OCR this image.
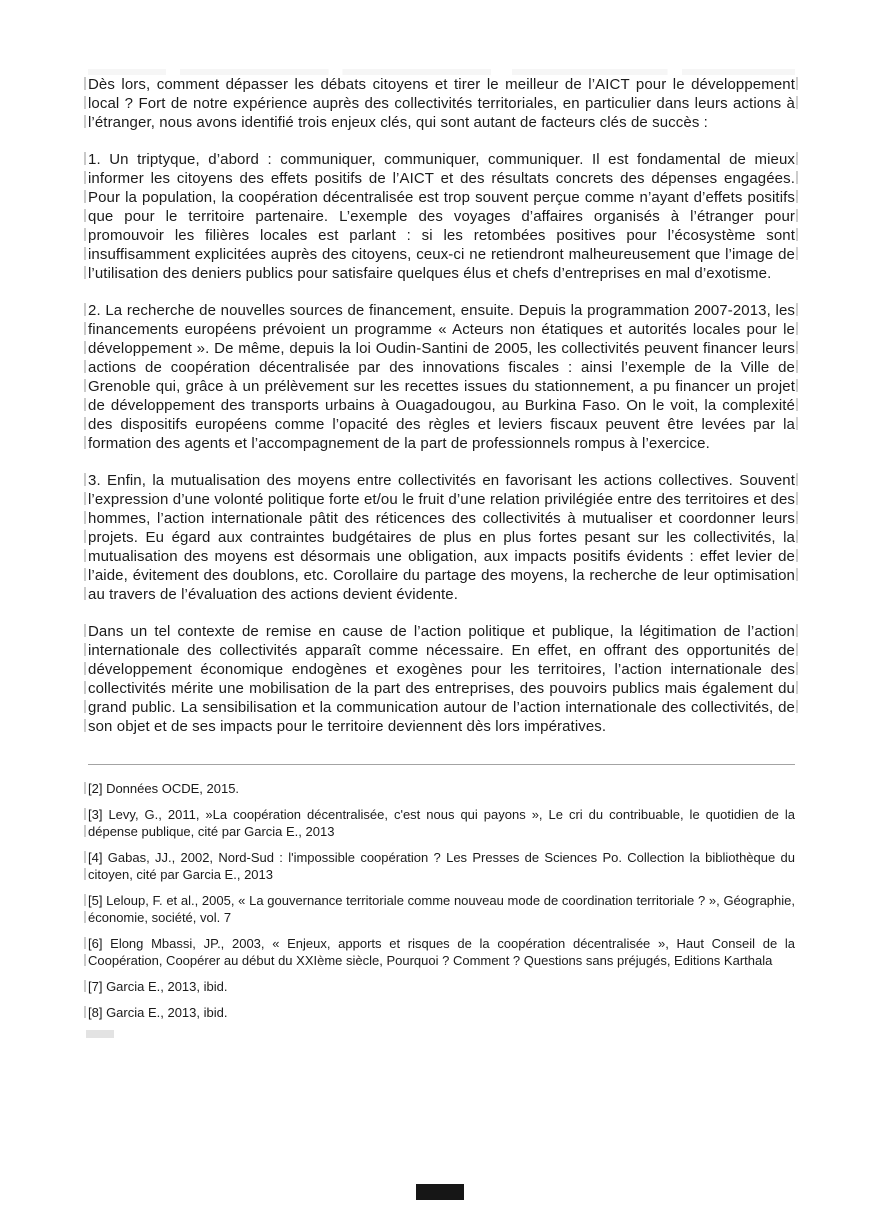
Dès lors, comment dépasser les débats citoyens et tirer le meilleur de l’AICT pour le développement local ? Fort de notre expérience auprès des collectivités territoriales, en particulier dans leurs actions à l’étranger, nous avons identifié trois enjeux clés, qui sont autant de facteurs clés de succès :

1. Un triptyque, d’abord : communiquer, communiquer, communiquer. Il est fondamental de mieux informer les citoyens des effets positifs de l’AICT et des résultats concrets des dépenses engagées. Pour la population, la coopération décentralisée est trop souvent perçue comme n’ayant d’effets positifs que pour le territoire partenaire. L’exemple des voyages d’affaires organisés à l’étranger pour promouvoir les filières locales est parlant : si les retombées positives pour l’écosystème sont insuffisamment explicitées auprès des citoyens, ceux-ci ne retiendront malheureusement que l’image de l’utilisation des deniers publics pour satisfaire quelques élus et chefs d’entreprises en mal d’exotisme.

2. La recherche de nouvelles sources de financement, ensuite. Depuis la programmation 2007-2013, les financements européens prévoient un programme « Acteurs non étatiques et autorités locales pour le développement ». De même, depuis la loi Oudin-Santini de 2005, les collectivités peuvent financer leurs actions de coopération décentralisée par des innovations fiscales : ainsi l’exemple de la Ville de Grenoble qui, grâce à un prélèvement sur les recettes issues du stationnement, a pu financer un projet de développement des transports urbains à Ouagadougou, au Burkina Faso. On le voit, la complexité des dispositifs européens comme l’opacité des règles et leviers fiscaux peuvent être levées par la formation des agents et l’accompagnement de la part de professionnels rompus à l’exercice.

3. Enfin, la mutualisation des moyens entre collectivités en favorisant les actions collectives. Souvent l’expression d’une volonté politique forte et/ou le fruit d’une relation privilégiée entre des territoires et des hommes, l’action internationale pâtit des réticences des collectivités à mutualiser et coordonner leurs projets. Eu égard aux contraintes budgétaires de plus en plus fortes pesant sur les collectivités, la mutualisation des moyens est désormais une obligation, aux impacts positifs évidents : effet levier de l’aide, évitement des doublons, etc. Corollaire du partage des moyens, la recherche de leur optimisation au travers de l’évaluation des actions devient évidente.

Dans un tel contexte de remise en cause de l’action politique et publique, la légitimation de l’action internationale des collectivités apparaît comme nécessaire. En effet, en offrant des opportunités de développement économique endogènes et exogènes pour les territoires, l’action internationale des collectivités mérite une mobilisation de la part des entreprises, des pouvoirs publics mais également du grand public. La sensibilisation et la communication autour de l’action internationale des collectivités, de son objet et de ses impacts pour le territoire deviennent dès lors impératives.

[2] Données OCDE, 2015.

[3] Levy, G., 2011, »La coopération décentralisée, c'est nous qui payons », Le cri du contribuable, le quotidien de la dépense publique, cité par Garcia E., 2013

[4] Gabas, JJ., 2002, Nord-Sud : l'impossible coopération ? Les Presses de Sciences Po. Collection la bibliothèque du citoyen, cité par Garcia E., 2013

[5] Leloup, F. et al., 2005, « La gouvernance territoriale comme nouveau mode de coordination territoriale ? », Géographie, économie, société, vol. 7

[6] Elong Mbassi, JP., 2003, « Enjeux, apports et risques de la coopération décentralisée », Haut Conseil de la Coopération, Coopérer au début du XXIème siècle, Pourquoi ? Comment ? Questions sans préjugés, Editions Karthala

[7] Garcia E., 2013, ibid.

[8] Garcia E., 2013, ibid.
